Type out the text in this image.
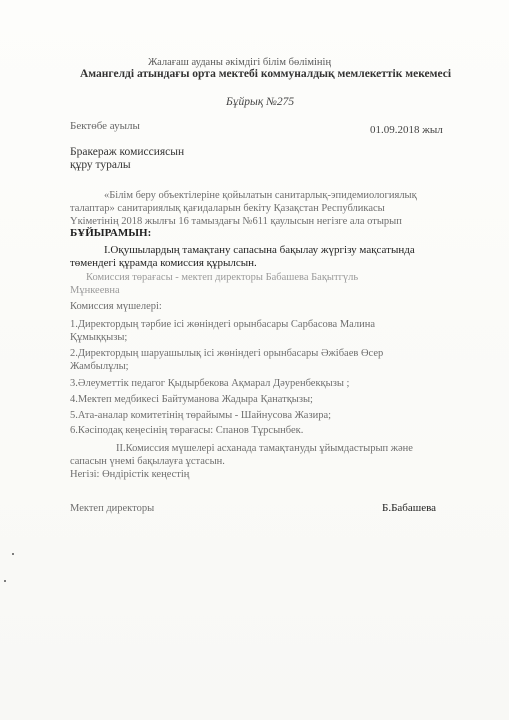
Жалағаш ауданы әкімдігі білім бөлімінің
Амангелді атындағы орта мектебі коммуналдық мемлекеттік мекемесі
Бұйрық №275
Бектөбе ауылы	01.09.2018 жыл
Бракераж комиссиясын
құру туралы
«Білім беру объектілеріне қойылатын санитарлық-эпидемиологиялық
талаптар» санитариялық қағидаларын бекіту Қазақстан Республикасы
Үкіметінің 2018 жылғы 16 тамыздағы №611 қаулысын негізге ала отырып
БҰЙЫРАМЫН:
I.Оқушылардың тамақтану сапасына бақылау жүргізу мақсатында
төмендегі құрамда комиссия құрылсын.
Комиссия төрағасы - мектеп директоры Бабашева Бақытгүль
Мұнкеевна
Комиссия мүшелері:
1.Директордың тәрбие ісі жөніндегі орынбасары Сарбасова Малина
Құмыққызы;
2.Директордың шаруашылық ісі жөніндегі орынбасары Әжібаев Өсер
Жамбылұлы;
3.Әлеуметтік педагог Қыдырбекова Ақмарал Дәуренбекқызы ;
4.Мектеп медбикесі Байтуманова Жадыра Қанатқызы;
5.Ата-аналар комитетінің төрайымы - Шайнусова Жазира;
6.Кәсіподақ кеңесінің төрағасы: Спанов Тұрсынбек.
II.Комиссия мүшелері асханада тамақтануды ұйымдастырып және
сапасын үнемі бақылауға ұстасын.
Негізі: Өндірістік кеңестің
Мектеп директоры	Б.Бабашева
